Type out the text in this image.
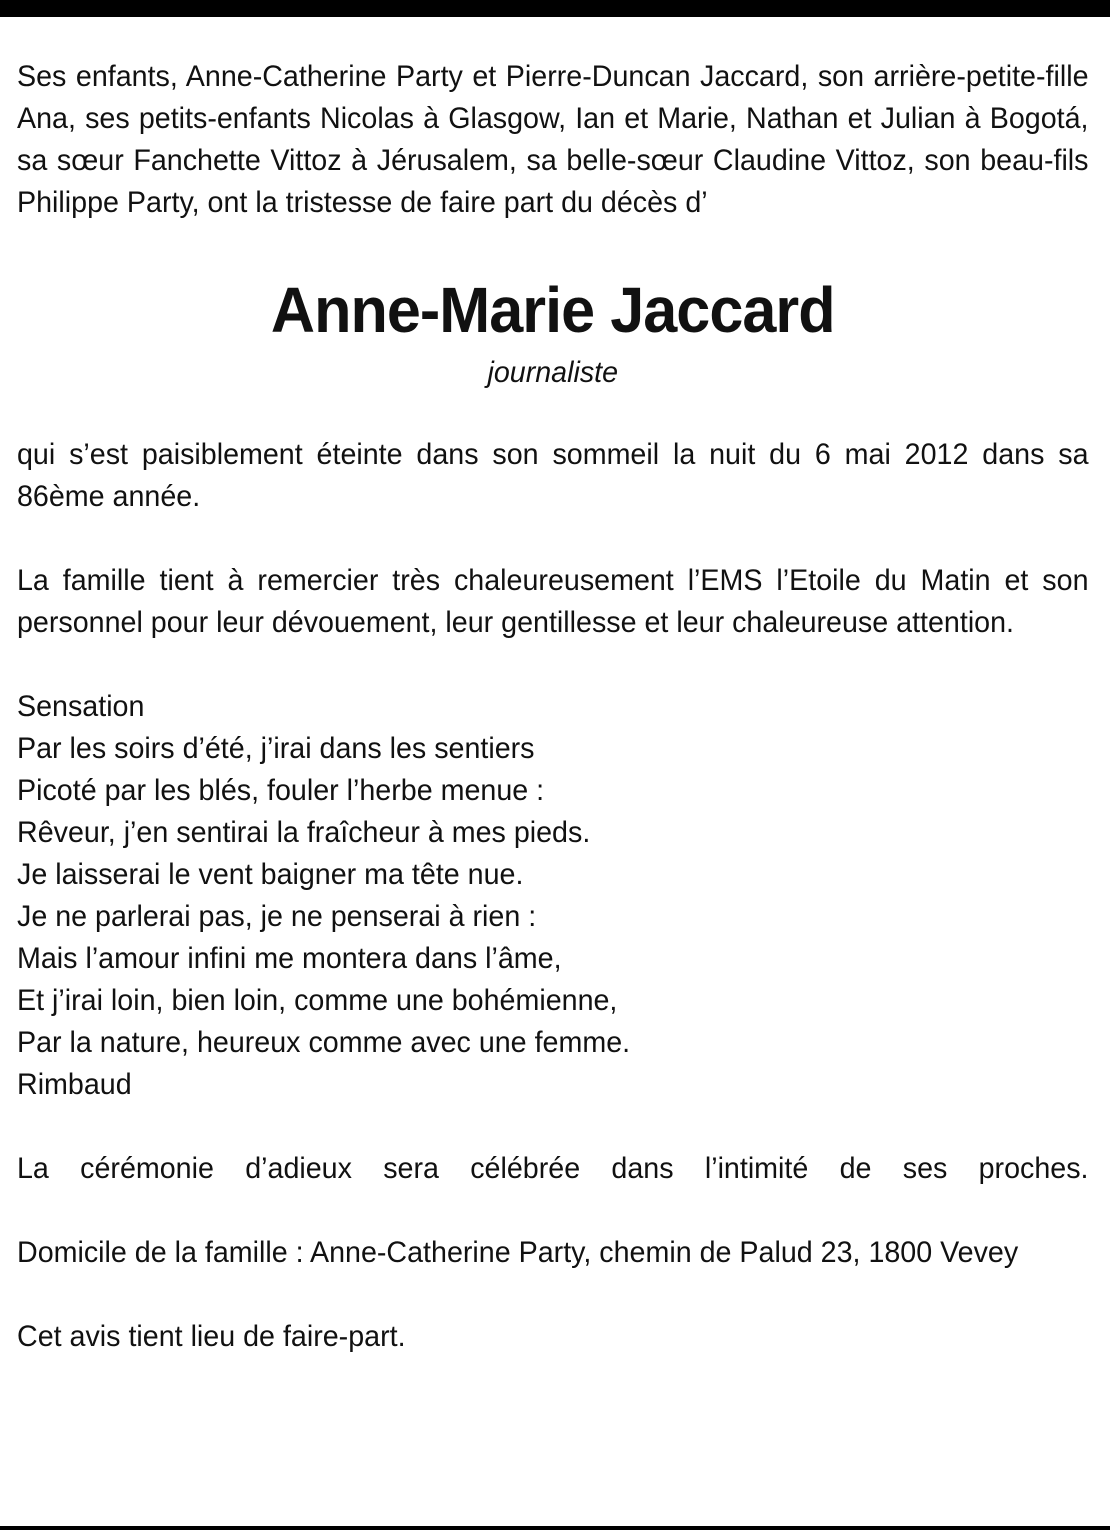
Ses enfants, Anne-Catherine Party et Pierre-Duncan Jaccard, son arrière-petite-fille Ana, ses petits-enfants Nicolas à Glasgow, Ian et Marie, Nathan et Julian à Bogotá, sa sœur Fanchette Vittoz à Jérusalem, sa belle-sœur Claudine Vittoz, son beau-fils Philippe Party, ont la tristesse de faire part du décès d’

Anne-Marie Jaccard

journaliste

qui s’est paisiblement éteinte dans son sommeil la nuit du 6 mai 2012 dans sa 86ème année.

La famille tient à remercier très chaleureusement l’EMS l’Etoile du Matin et son personnel pour leur dévouement, leur gentillesse et leur chaleureuse attention.

Sensation
Par les soirs d’été, j’irai dans les sentiers
Picoté par les blés, fouler l’herbe menue :
Rêveur, j’en sentirai la fraîcheur à mes pieds.
Je laisserai le vent baigner ma tête nue.
Je ne parlerai pas, je ne penserai à rien :
Mais l’amour infini me montera dans l’âme,
Et j’irai loin, bien loin, comme une bohémienne,
Par la nature, heureux comme avec une femme.
Rimbaud

La cérémonie d’adieux sera célébrée dans l’intimité de ses proches.

Domicile de la famille : Anne-Catherine Party, chemin de Palud 23, 1800 Vevey

Cet avis tient lieu de faire-part.
